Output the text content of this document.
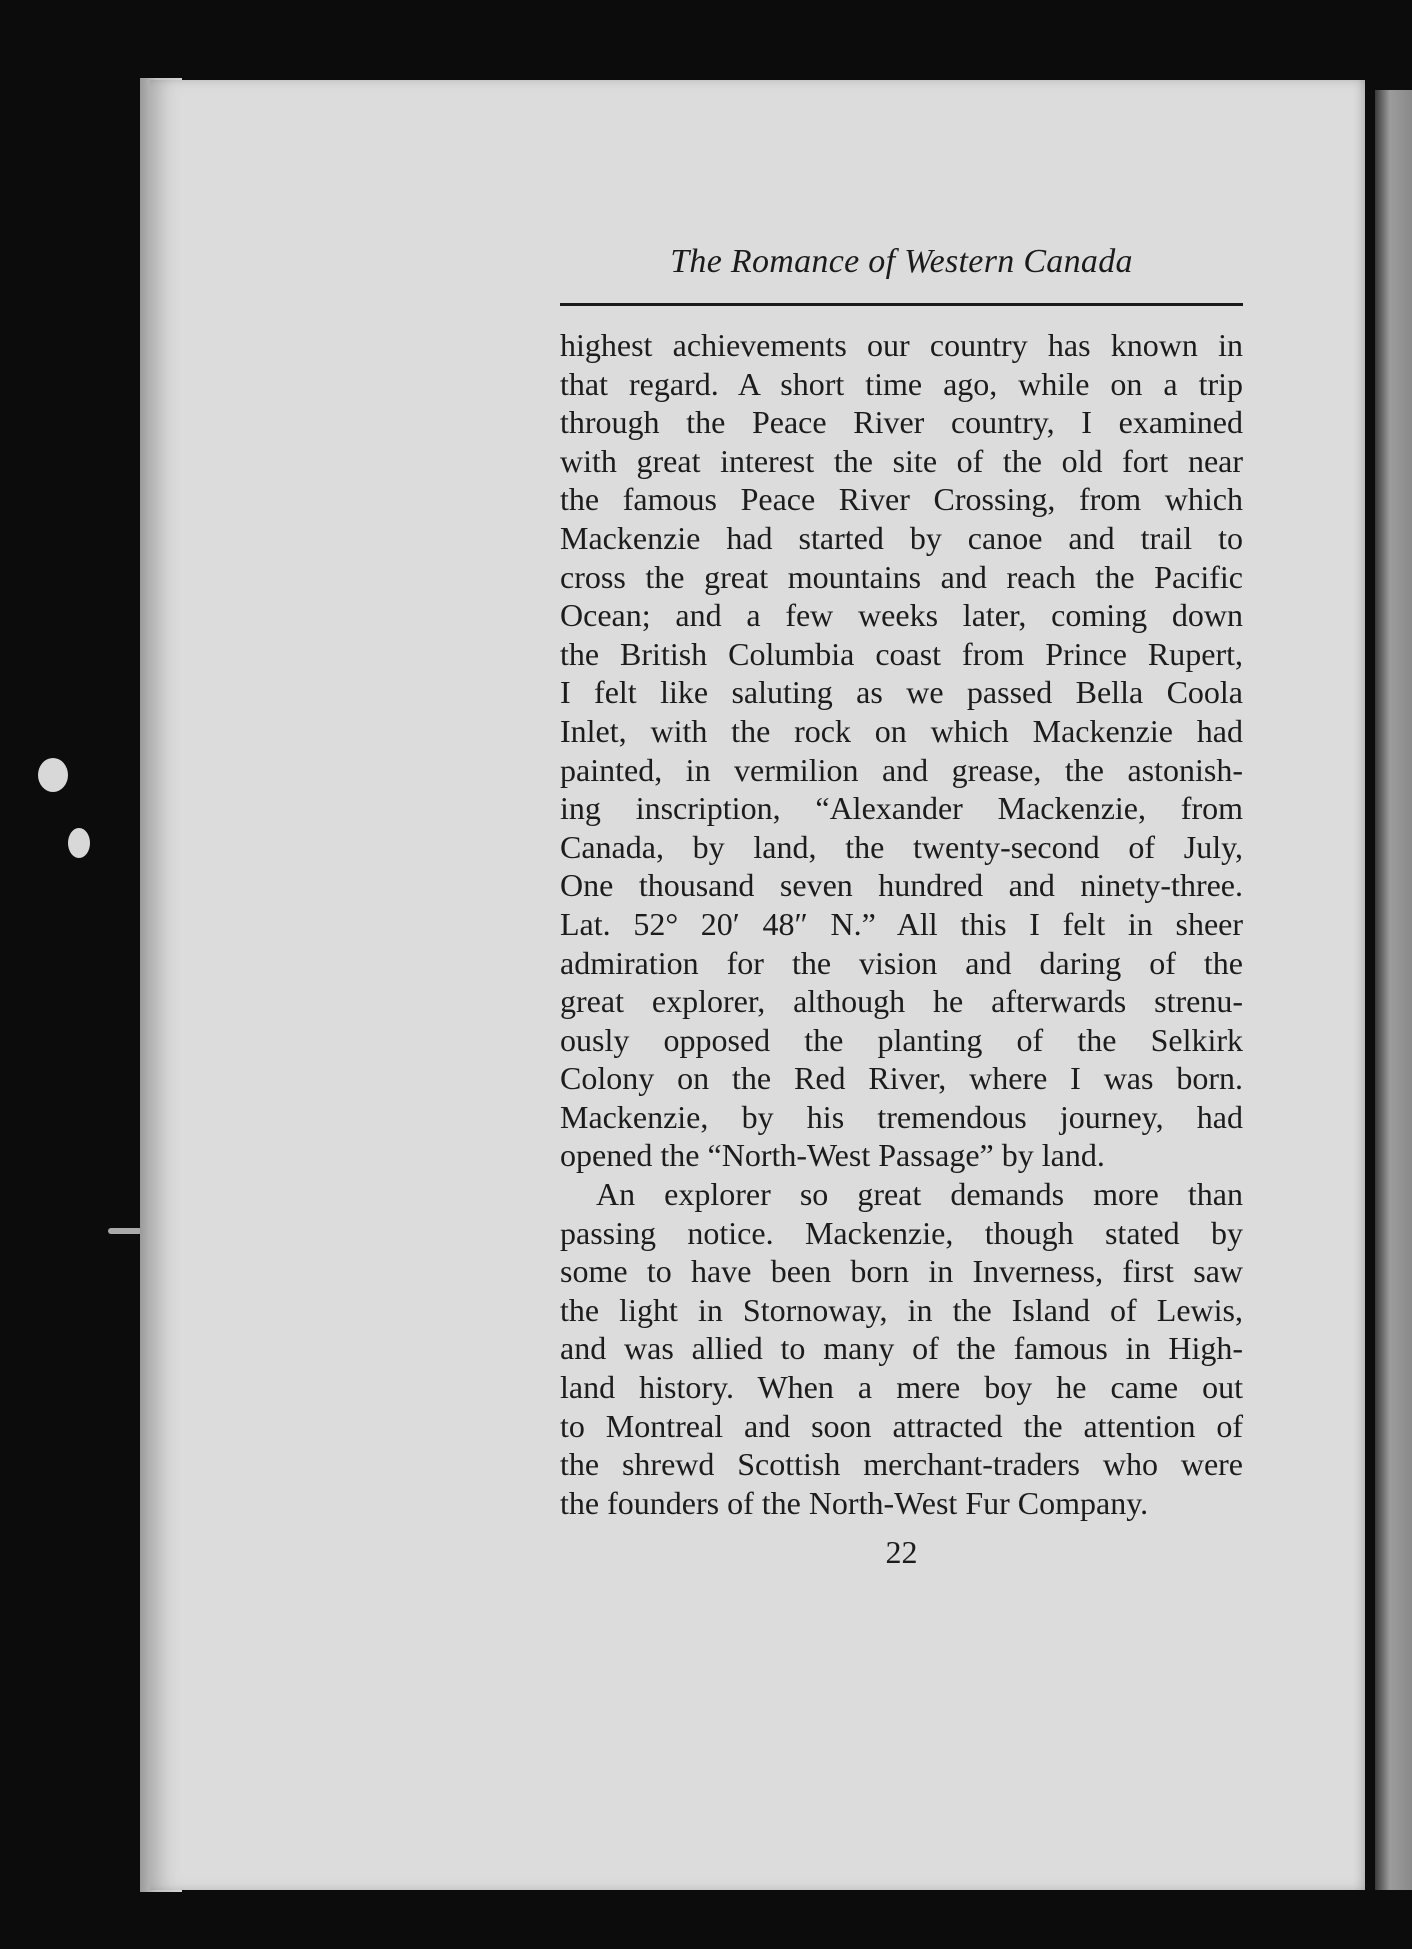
The Romance of Western Canada
highest achievements our country has known in
that regard. A short time ago, while on a trip
through the Peace River country, I examined
with great interest the site of the old fort near
the famous Peace River Crossing, from which
Mackenzie had started by canoe and trail to
cross the great mountains and reach the Pacific
Ocean; and a few weeks later, coming down
the British Columbia coast from Prince Rupert,
I felt like saluting as we passed Bella Coola
Inlet, with the rock on which Mackenzie had
painted, in vermilion and grease, the astonish-
ing inscription, “Alexander Mackenzie, from
Canada, by land, the twenty-second of July,
One thousand seven hundred and ninety-three.
Lat. 52° 20′ 48″ N.” All this I felt in sheer
admiration for the vision and daring of the
great explorer, although he afterwards strenu-
ously opposed the planting of the Selkirk
Colony on the Red River, where I was born.
Mackenzie, by his tremendous journey, had
opened the “North-West Passage” by land.
An explorer so great demands more than
passing notice. Mackenzie, though stated by
some to have been born in Inverness, first saw
the light in Stornoway, in the Island of Lewis,
and was allied to many of the famous in High-
land history. When a mere boy he came out
to Montreal and soon attracted the attention of
the shrewd Scottish merchant-traders who were
the founders of the North-West Fur Company.
22
